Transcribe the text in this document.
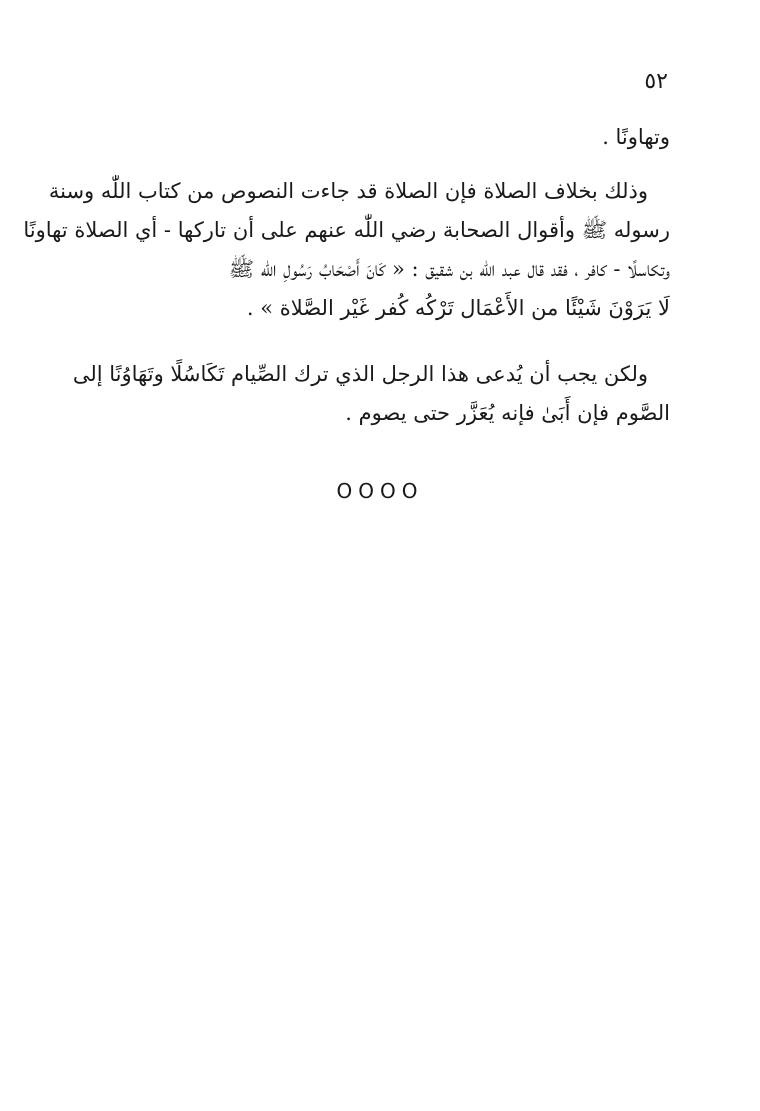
٥٢
وتهاونًا .
وذلك بخلاف الصلاة فإن الصلاة قد جاءت النصوص من كتاب اللّٰه وسنة
رسوله ﷺ وأقوال الصحابة رضي اللّٰه عنهم على أن تاركها - أي الصلاة تهاونًا
وتكاسلًا - كافر ، فقد قال عبد اللّٰه بن شقيق : « كَانَ أَصْحَابُ رَسُولِ اللّٰه ﷺ
لَا يَرَوْنَ شَيْئًا من الأَعْمَال تَرْكُه كُفر غَيْر الصَّلاة » .
ولكن يجب أن يُدعى هذا الرجل الذي ترك الصِّيام تَكَاسُلًا وتَهَاوُنًا إلى
الصَّوم فإن أَبَىٰ فإنه يُعَزَّر حتى يصوم .
OOOO
